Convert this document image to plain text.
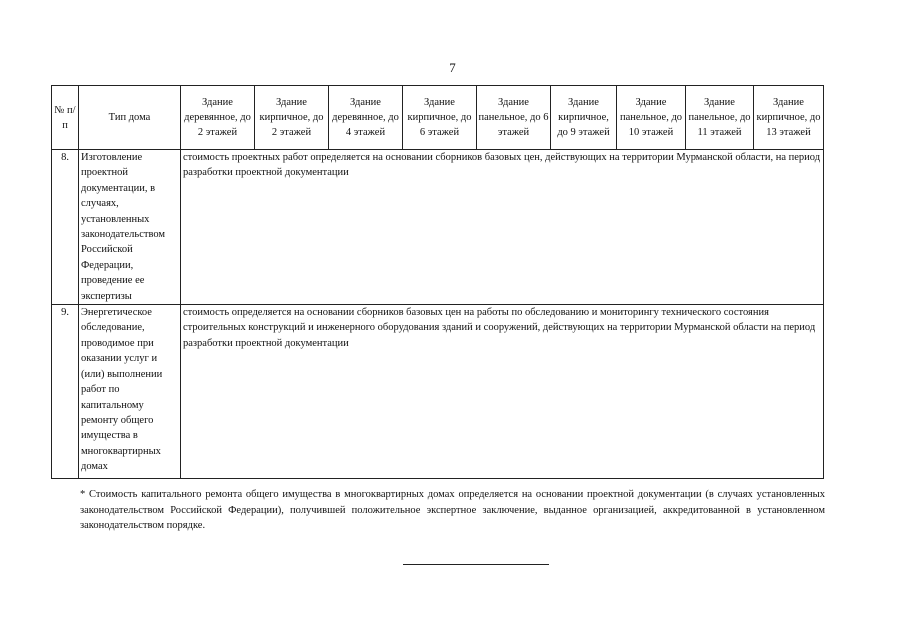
7
№ п/п	Тип дома	Здание деревянное, до 2 этажей	Здание кирпичное, до 2 этажей	Здание деревянное, до 4 этажей	Здание кирпичное, до 6 этажей	Здание панельное, до 6 этажей	Здание кирпичное, до 9 этажей	Здание панельное, до 10 этажей	Здание панельное, до 11 этажей	Здание кирпичное, до 13 этажей
8.	Изготовление проектной документации, в случаях, установленных законодательством Российской Федерации, проведение ее экспертизы	стоимость проектных работ определяется на основании сборников базовых цен, действующих на территории Мурманской области, на период разработки проектной документации								
9.	Энергетическое обследование, проводимое при оказании услуг и (или) выполнении работ по капитальному ремонту общего имущества в многоквартирных домах	стоимость определяется на основании сборников базовых цен на работы по обследованию и мониторингу технического состояния строительных конструкций и инженерного оборудования зданий и сооружений, действующих на территории Мурманской области на период разработки проектной документации								
* Стоимость капитального ремонта общего имущества в многоквартирных домах определяется на основании проектной документации (в случаях установленных законодательством Российской Федерации), получившей положительное экспертное заключение, выданное организацией, аккредитованной в установленном законодательством порядке.
